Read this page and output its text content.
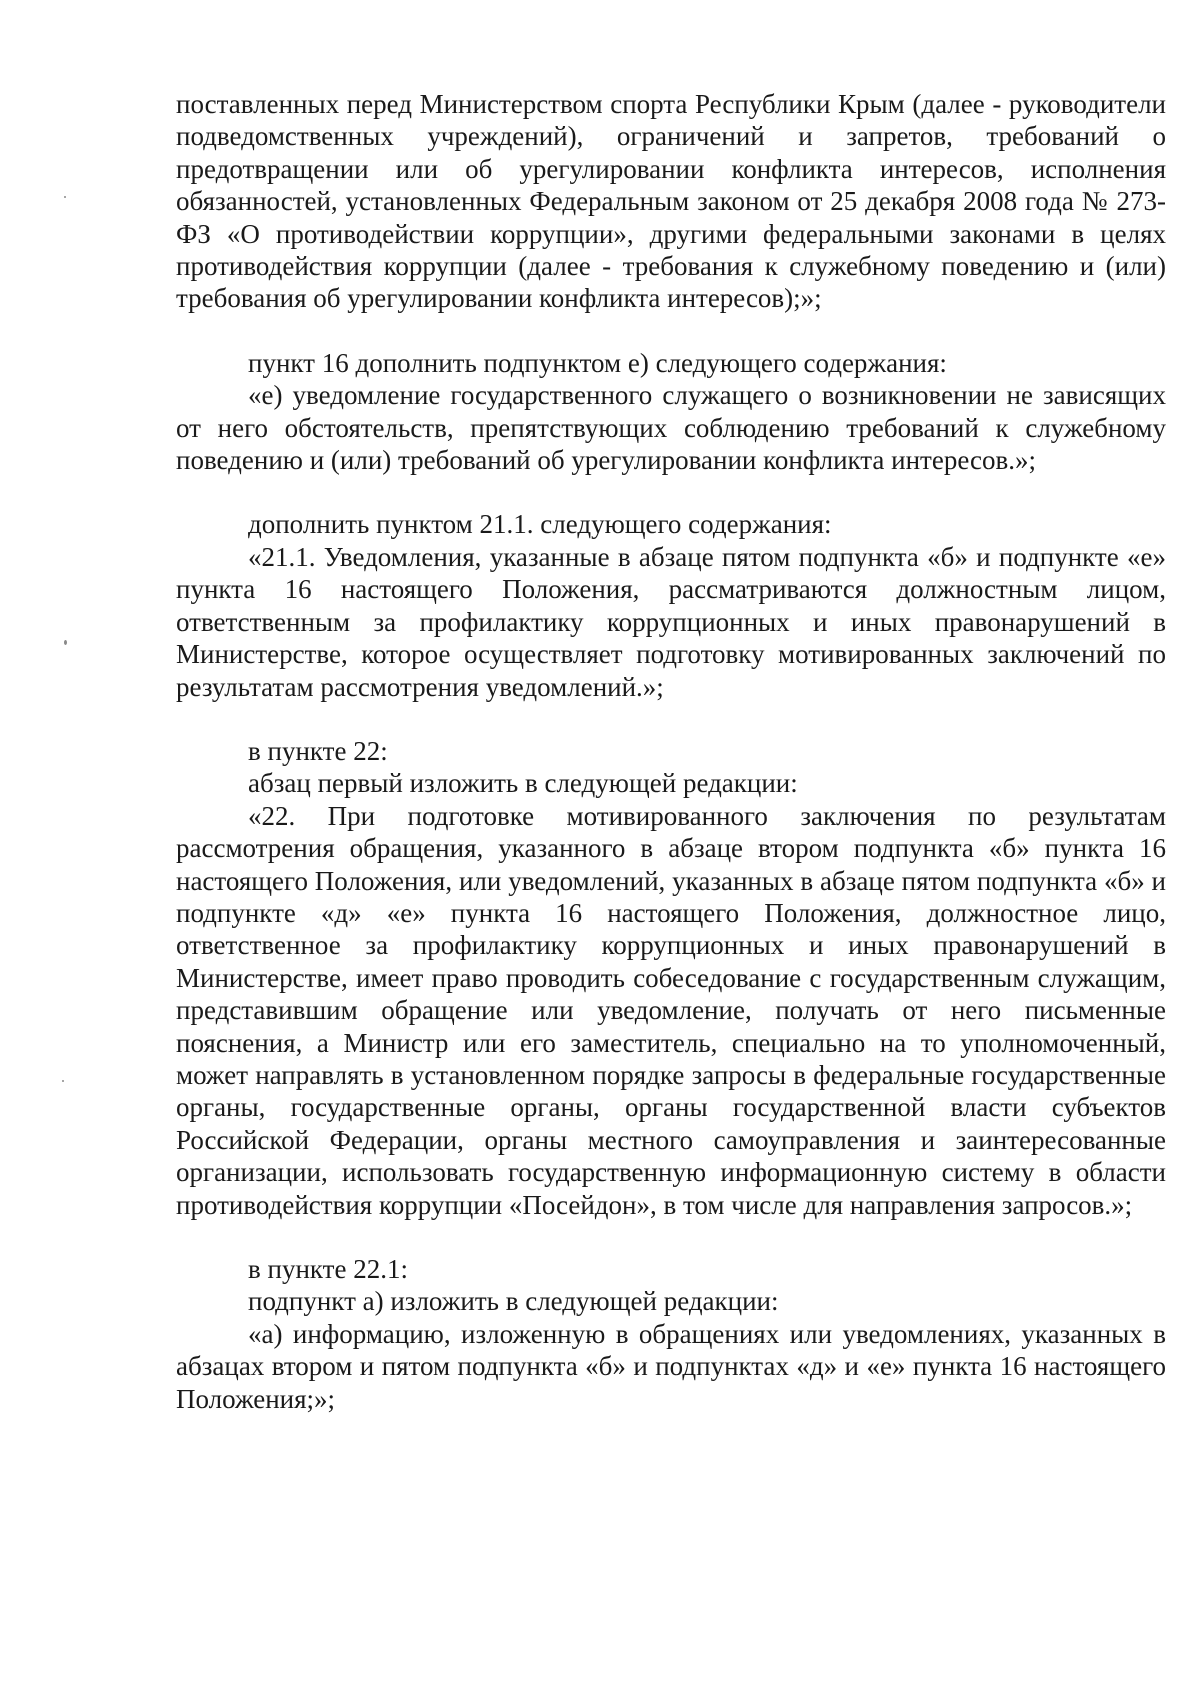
поставленных перед Министерством спорта Республики Крым (далее - руководители подведомственных учреждений), ограничений и запретов, требований о предотвращении или об урегулировании конфликта интересов, исполнения обязанностей, установленных Федеральным законом от 25 декабря 2008 года № 273-ФЗ «О противодействии коррупции», другими федеральными законами в целях противодействия коррупции (далее - требования к служебному поведению и (или) требования об урегулировании конфликта интересов);»;

пункт 16 дополнить подпунктом е) следующего содержания:

«е) уведомление государственного служащего о возникновении не зависящих от него обстоятельств, препятствующих соблюдению требований к служебному поведению и (или) требований об урегулировании конфликта интересов.»;

дополнить пунктом 21.1. следующего содержания:

«21.1. Уведомления, указанные в абзаце пятом подпункта «б» и подпункте «е» пункта 16 настоящего Положения, рассматриваются должностным лицом, ответственным за профилактику коррупционных и иных правонарушений в Министерстве, которое осуществляет подготовку мотивированных заключений по результатам рассмотрения уведомлений.»;

в пункте 22:

абзац первый изложить в следующей редакции:

«22. При подготовке мотивированного заключения по результатам рассмотрения обращения, указанного в абзаце втором подпункта «б» пункта 16 настоящего Положения, или уведомлений, указанных в абзаце пятом подпункта «б» и подпункте «д» «е» пункта 16 настоящего Положения, должностное лицо, ответственное за профилактику коррупционных и иных правонарушений в Министерстве, имеет право проводить собеседование с государственным служащим, представившим обращение или уведомление, получать от него письменные пояснения, а Министр или его заместитель, специально на то уполномоченный, может направлять в установленном порядке запросы в федеральные государственные органы, государственные органы, органы государственной власти субъектов Российской Федерации, органы местного самоуправления и заинтересованные организации, использовать государственную информационную систему в области противодействия коррупции «Посейдон», в том числе для направления запросов.»;

в пункте 22.1:

подпункт а) изложить в следующей редакции:

«а) информацию, изложенную в обращениях или уведомлениях, указанных в абзацах втором и пятом подпункта «б» и подпунктах «д» и «е» пункта 16 настоящего Положения;»;
